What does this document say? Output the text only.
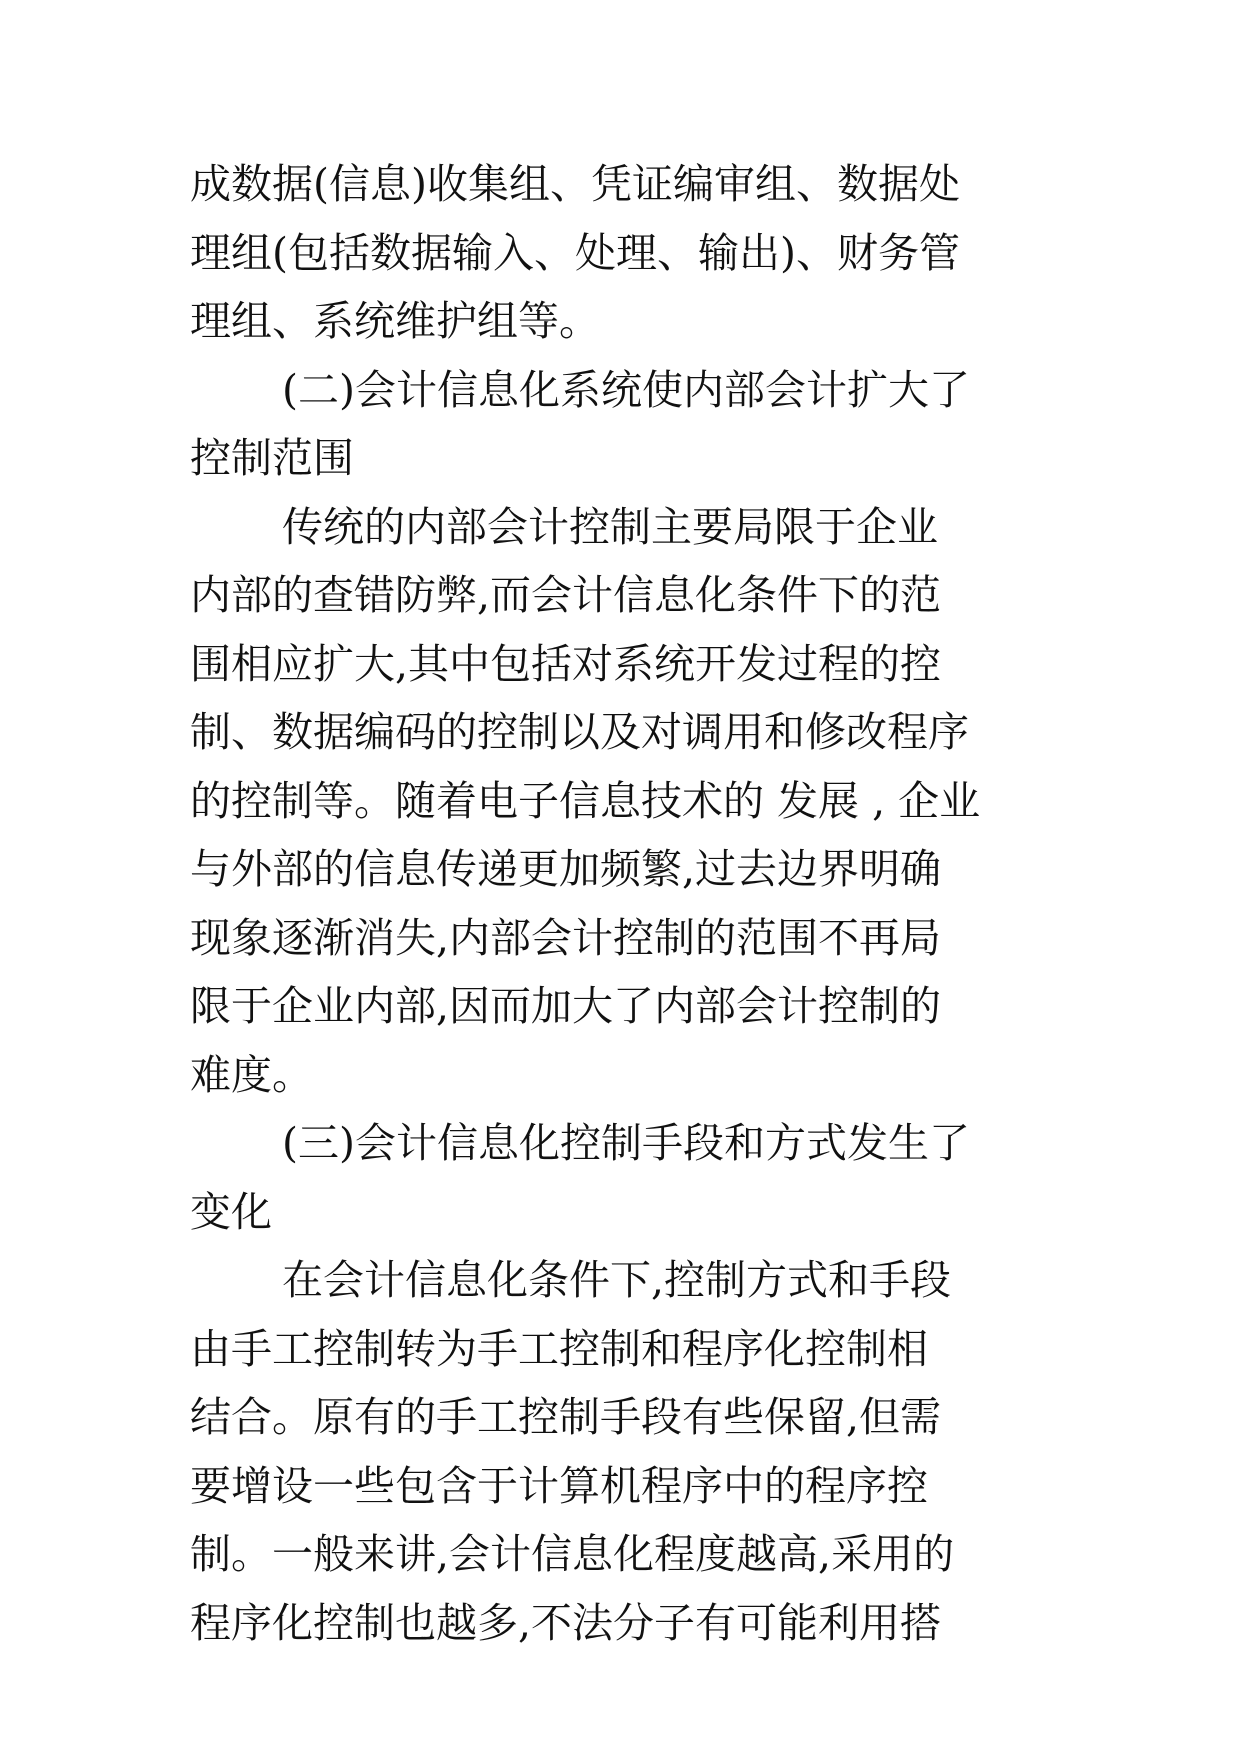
成数据(信息)收集组、凭证编审组、数据处
理组(包括数据输入、处理、输出)、财务管
理组、系统维护组等。
(二)会计信息化系统使内部会计扩大了
控制范围
传统的内部会计控制主要局限于企业
内部的查错防弊,而会计信息化条件下的范
围相应扩大,其中包括对系统开发过程的控
制、数据编码的控制以及对调用和修改程序
的控制等。随着电子信息技术的 发展 , 企业
与外部的信息传递更加频繁,过去边界明确
现象逐渐消失,内部会计控制的范围不再局
限于企业内部,因而加大了内部会计控制的
难度。
(三)会计信息化控制手段和方式发生了
变化
在会计信息化条件下,控制方式和手段
由手工控制转为手工控制和程序化控制相
结合。原有的手工控制手段有些保留,但需
要增设一些包含于计算机程序中的程序控
制。一般来讲,会计信息化程度越高,采用的
程序化控制也越多,不法分子有可能利用搭
